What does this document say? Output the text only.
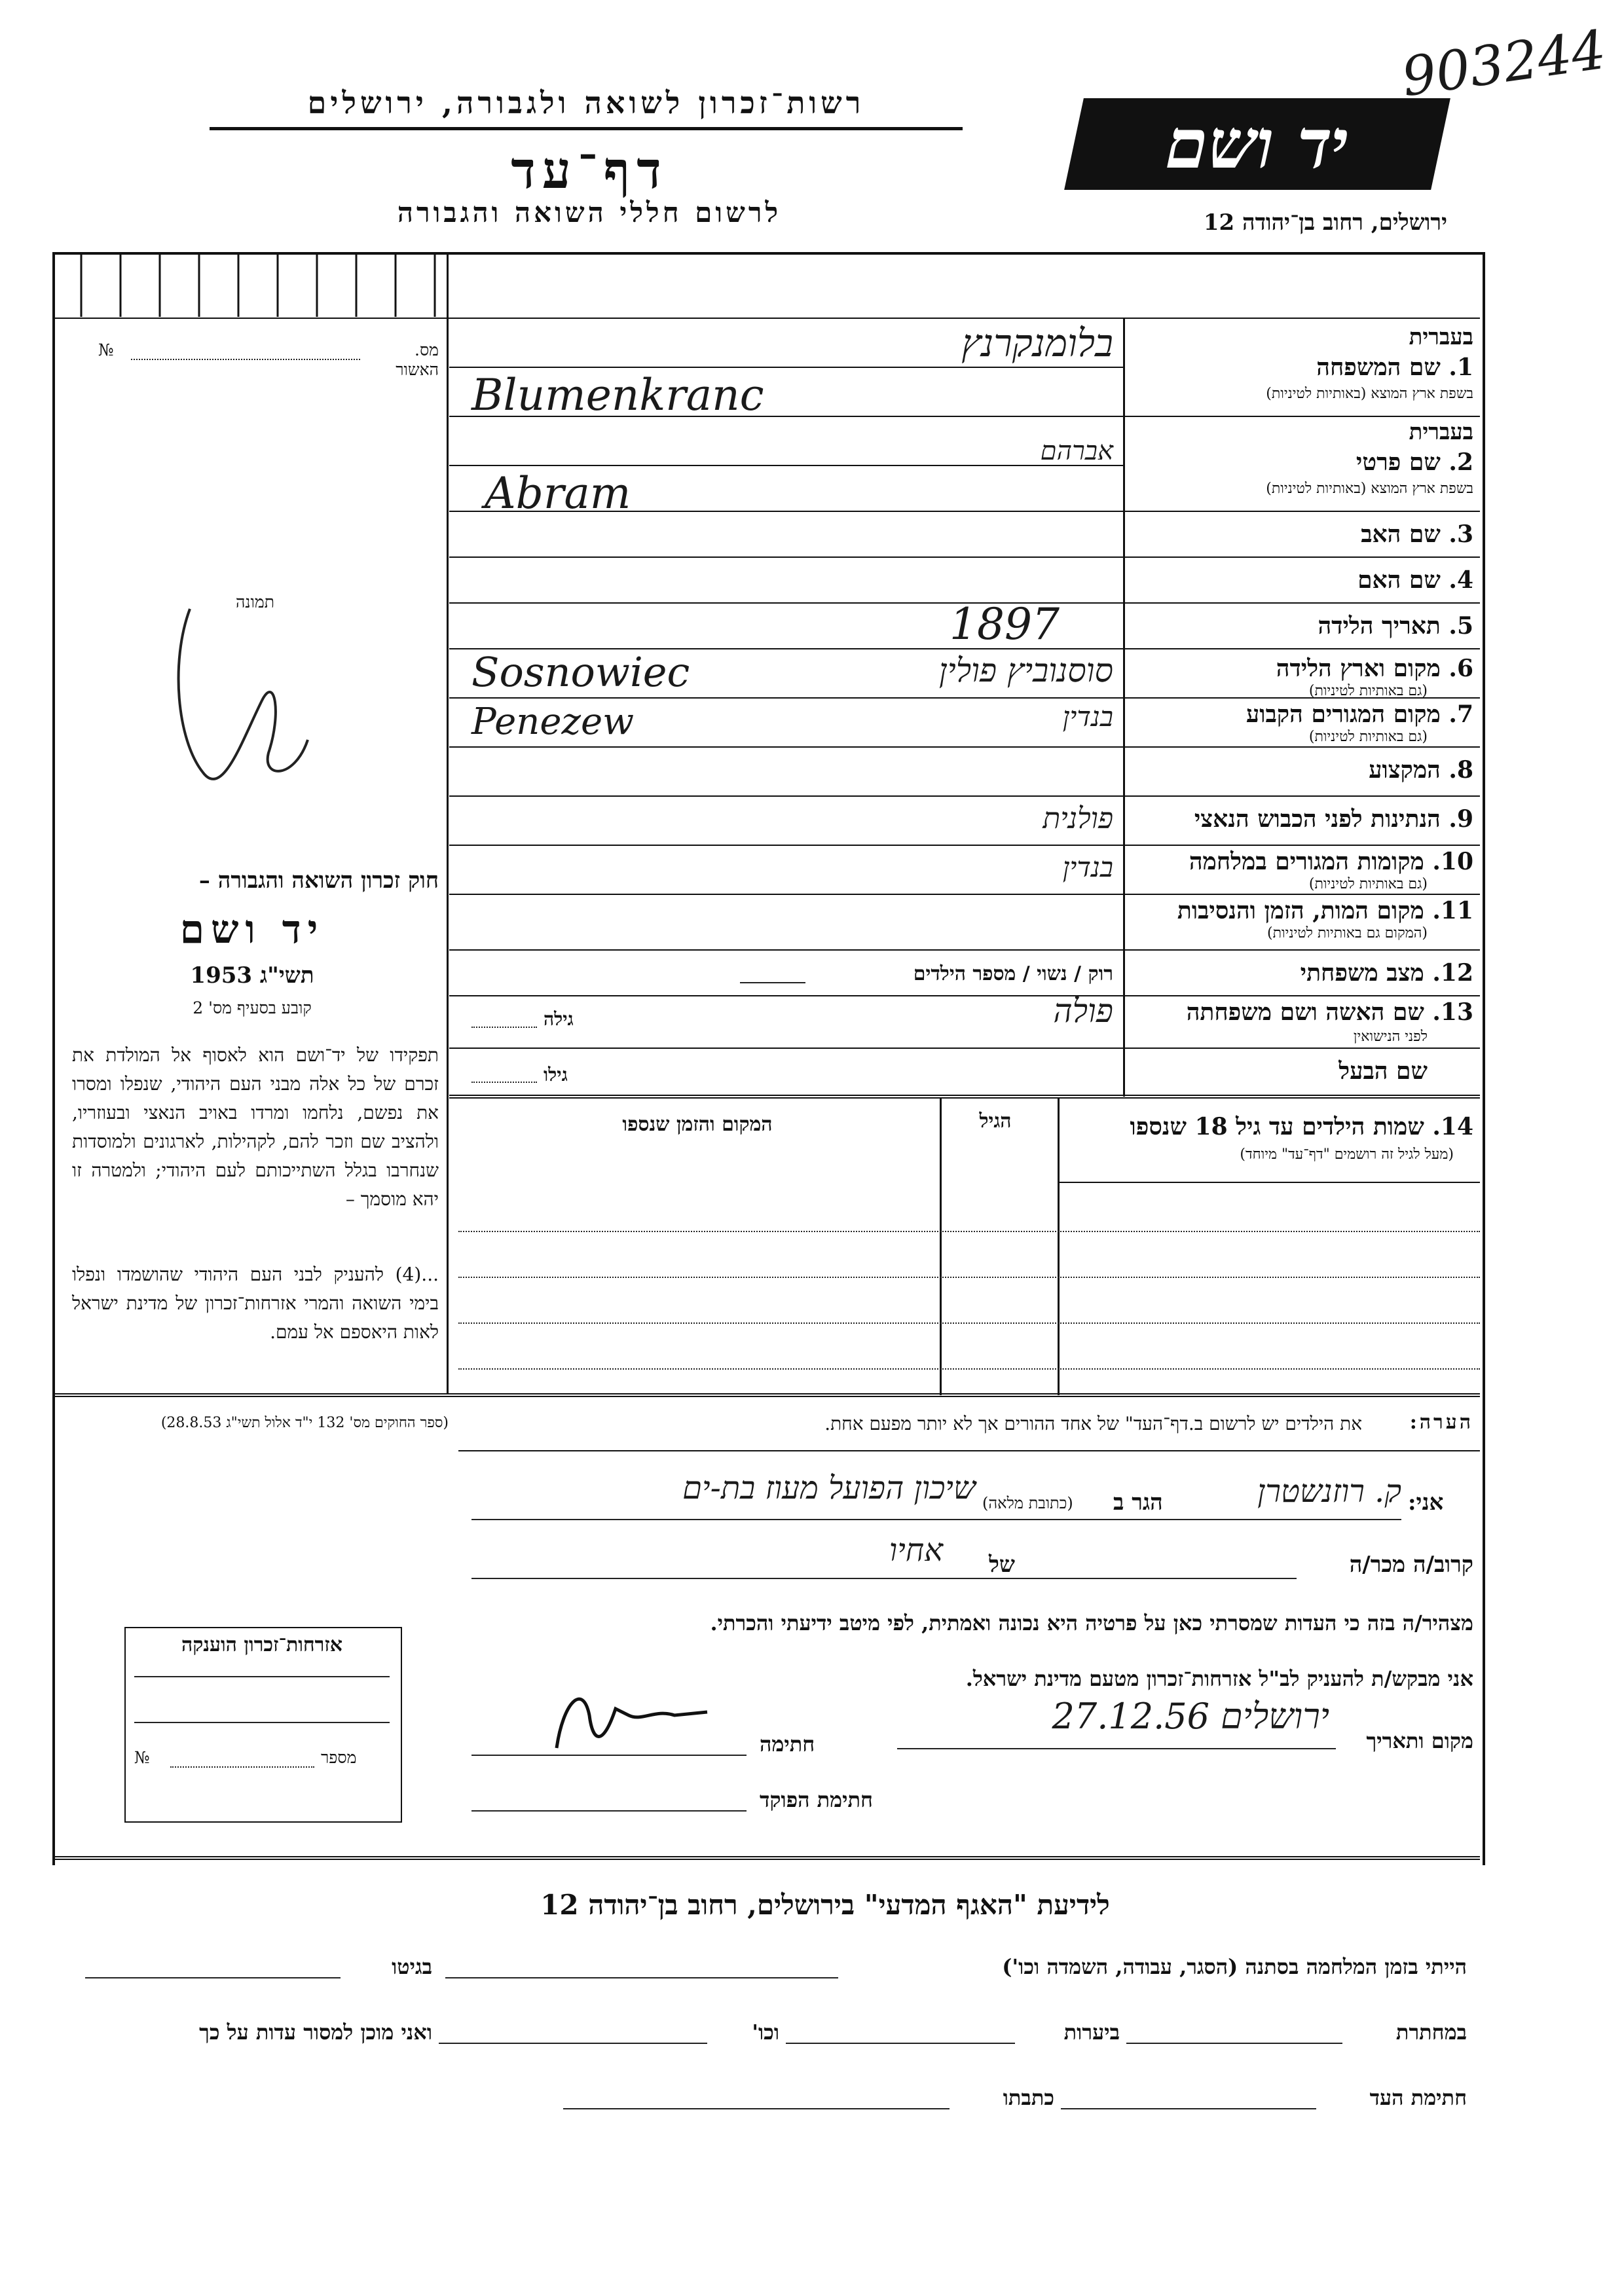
רשות־זכרון לשואה ולגבורה, ירושלים
דף־עד
לרשום חללי השואה והגבורה
יד ושם
ירושלים, רחוב בן־יהודה 12
903244
מס. האשור
№
תמונה
חוק זכרון השואה והגבורה –
יד ושם
תשי"ג 1953
קובע בסעיף מס' 2
תפקידו של יד־ושם הוא לאסוף אל המולדת את זכרם של כל אלה מבני העם היהודי, שנפלו ומסרו את נפשם, נלחמו ומרדו באויב הנאצי ובעוזריו, ולהציב שם וזכר להם, לקהילות, לארגונים ולמוסדות שנחרבו בגלל השתייכותם לעם היהודי; ולמטרה זו יהא מוסמך –
...(4) להעניק לבני העם היהודי שהושמדו ונפלו בימי השואה והמרי אזרחות־זכרון של מדינת ישראל לאות היאספם אל עמם.
(ספר החוקים מס' 132 י"ד אלול תשי"ג 28.8.53)
בעברית
1. שם המשפחה
בשפת ארץ המוצא (באותיות לטיניות)
בלומנקרנץ
Blumenkranc
בעברית
2. שם פרטי
בשפת ארץ המוצא (באותיות לטיניות)
אברהם
Abram
3. שם האב
4. שם האם
5. תאריך הלידה
1897
6. מקום וארץ הלידה
(גם באותיות לטיניות)
Sosnowiec	סוסנוביץ פולין
7. מקום המגורים הקבוע
(גם באותיות לטיניות)
Penezew	בנדין
8. המקצוע
9. הנתינות לפני הכבוש הנאצי
פולנית
10. מקומות המגורים במלחמה
(גם באותיות לטיניות)
בנדין
11. מקום המות, הזמן והנסיבות
(המקום גם באותיות לטיניות)
12. מצב משפחתי
רוק / נשוי / מספר הילדים
13. שם האשה ושם משפחתה
לפני הנישואין
פולה
גילה
שם הבעל
גילו
14. שמות הילדים עד גיל 18 שנספו
(מעל לגיל זה רושמים "דף־עד" מיוחד)
הגיל
המקום והזמן שנספו
הערה:
את הילדים יש לרשום ב.דף־העד" של אחד ההורים אך לא יותר מפעם אחת.
אני:
ק. רוזנשטרן
הגר ב
(כתובת מלאה)
שיכון הפועל מעוז בת-ים
קרוב/ה מכר/ה
של
אחיו
מצהיר/ה בזה כי העדות שמסרתי כאן על פרטיה היא נכונה ואמתית, לפי מיטב ידיעתי והכרתי.
אני מבקש/ת להעניק לב"ל אזרחות־זכרון מטעם מדינת ישראל.
מקום ותאריך
ירושלים 27.12.56
חתימה
חתימת הפוקד
אזרחות־זכרון הוענקה
מספר
№
לידיעת "האגף המדעי" בירושלים, רחוב בן־יהודה 12
הייתי בזמן המלחמה בסתנה (הסגר, עבודה, השמדה וכו')
בגיטו
במחתרת
ביערות
וכו'
ואני מוכן למסור עדות על כך
חתימת העד
כתבתו
